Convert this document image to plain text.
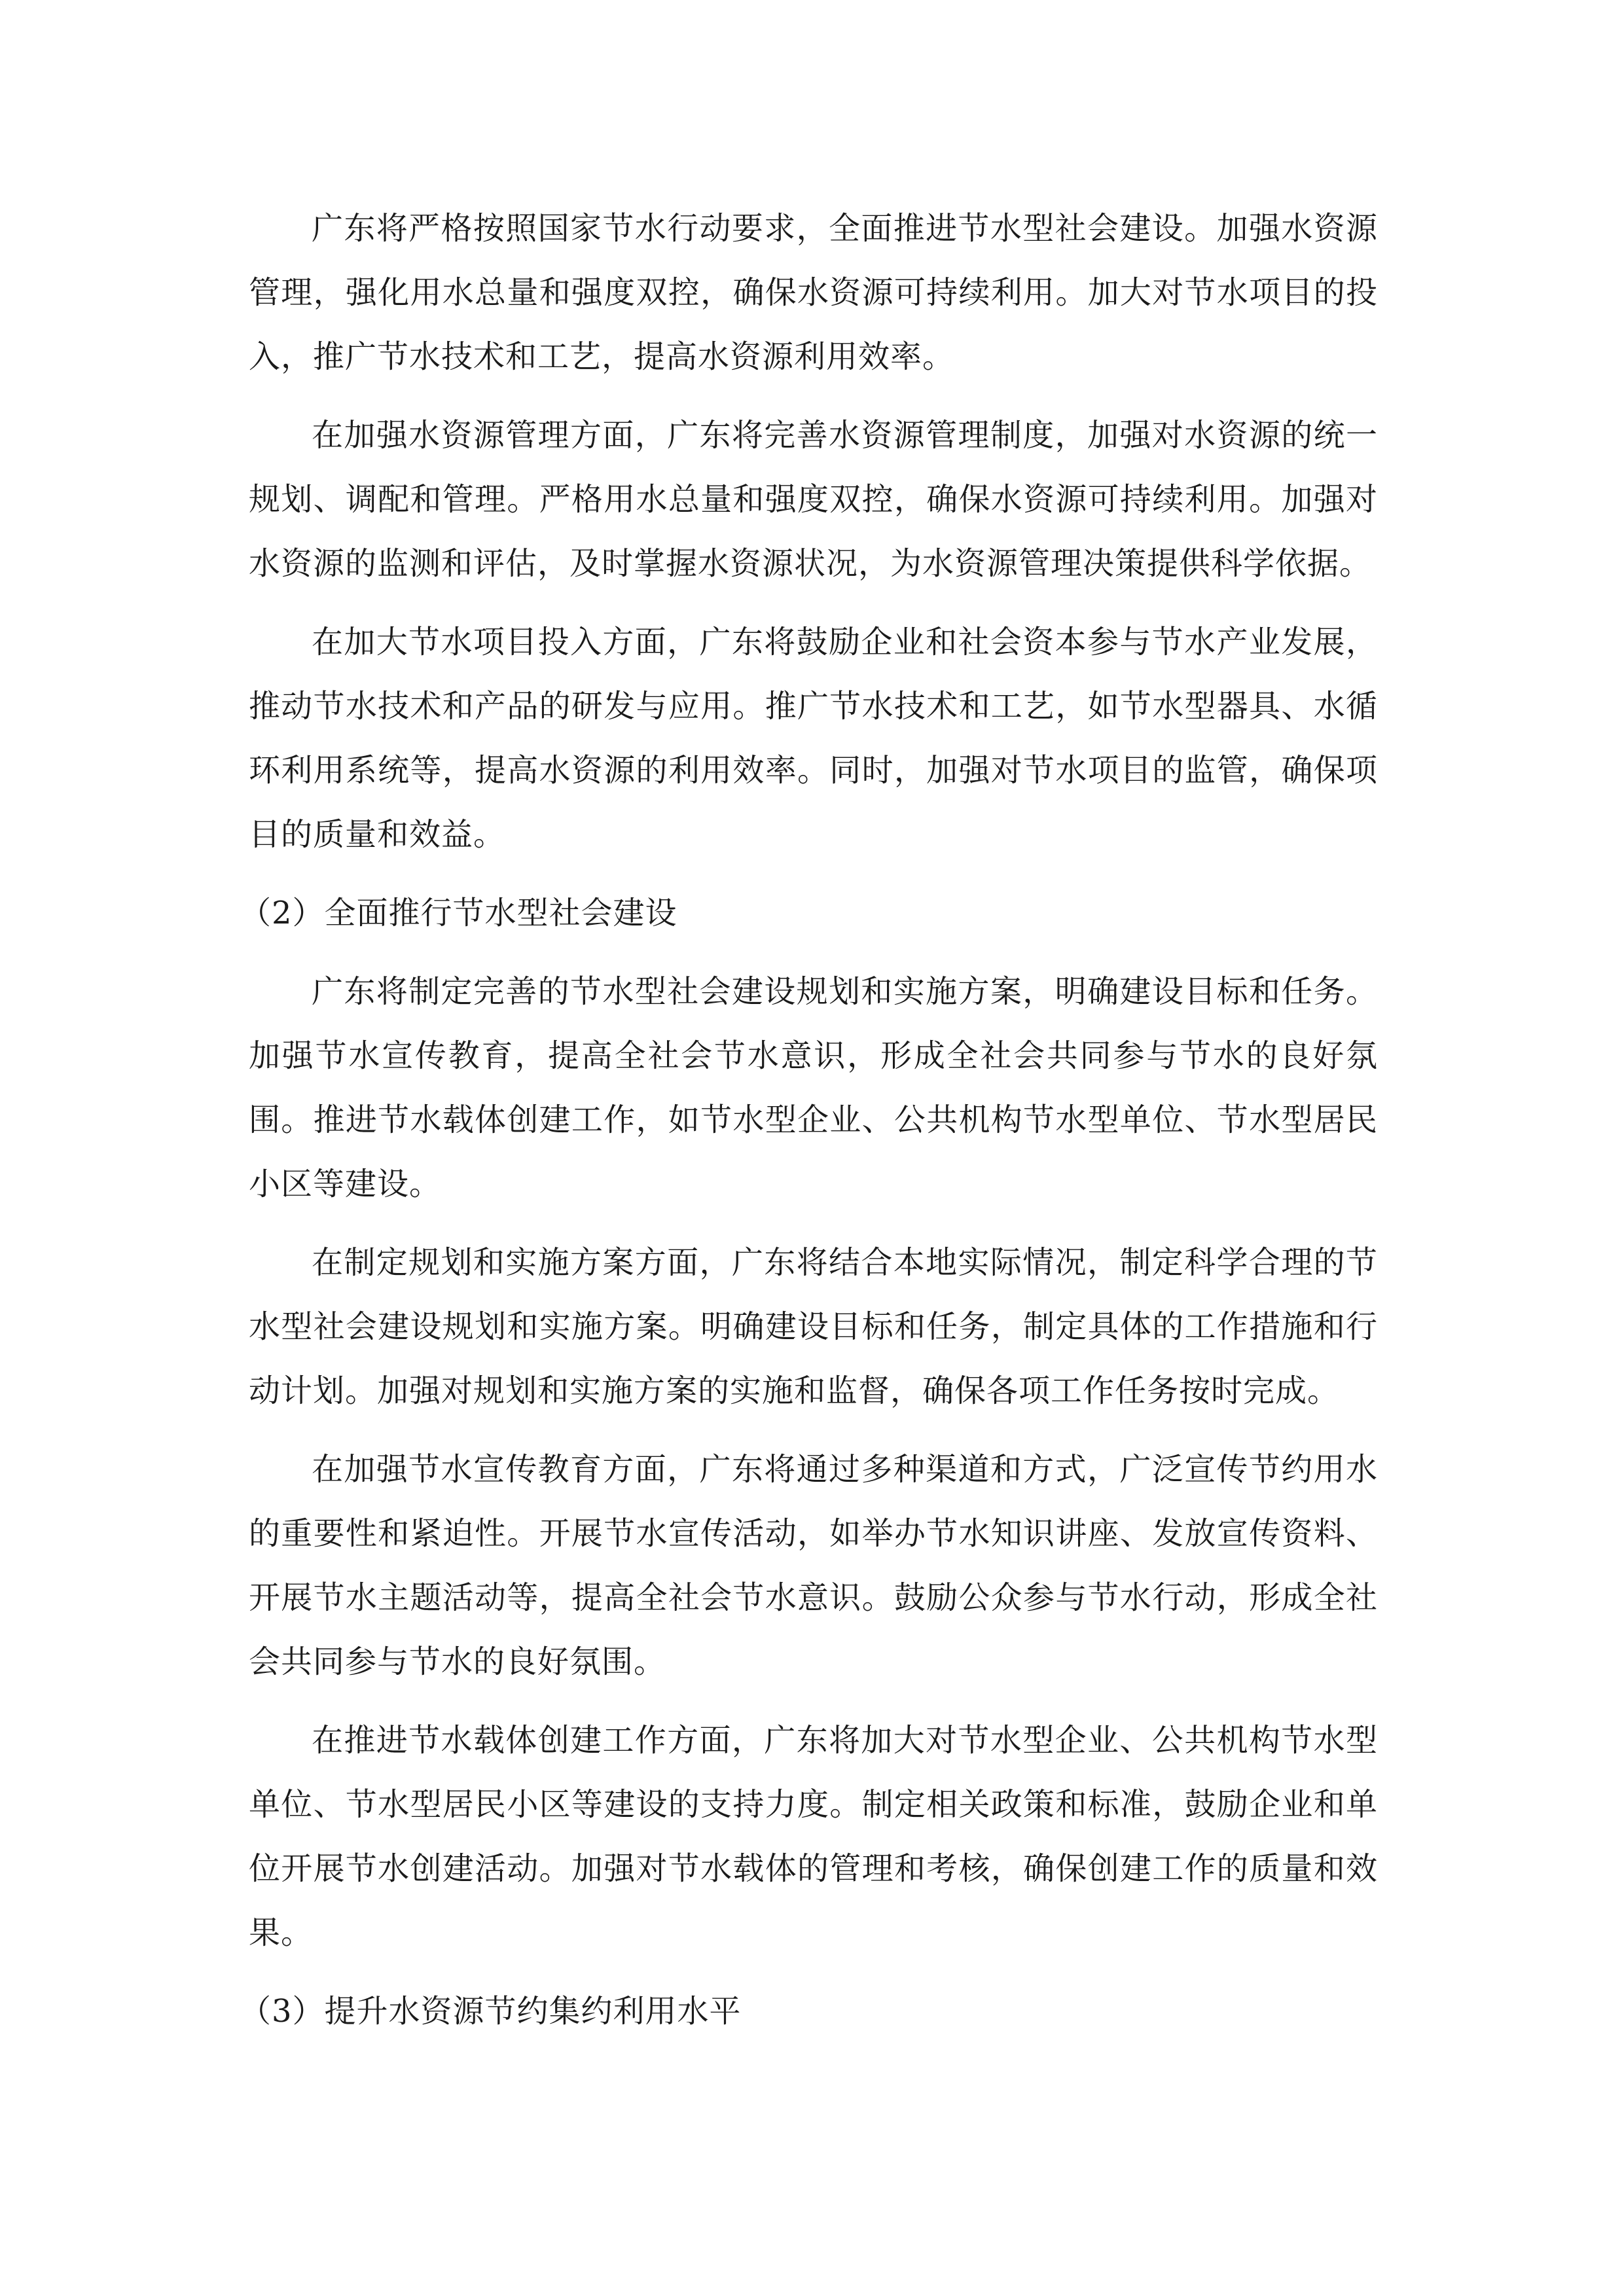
广东将严格按照国家节水行动要求，全面推进节水型社会建设。加强水资源管理，强化用水总量和强度双控，确保水资源可持续利用。加大对节水项目的投入，推广节水技术和工艺，提高水资源利用效率。

在加强水资源管理方面，广东将完善水资源管理制度，加强对水资源的统一规划、调配和管理。严格用水总量和强度双控，确保水资源可持续利用。加强对水资源的监测和评估，及时掌握水资源状况，为水资源管理决策提供科学依据。

在加大节水项目投入方面，广东将鼓励企业和社会资本参与节水产业发展，推动节水技术和产品的研发与应用。推广节水技术和工艺，如节水型器具、水循环利用系统等，提高水资源的利用效率。同时，加强对节水项目的监管，确保项目的质量和效益。

（2）全面推行节水型社会建设

广东将制定完善的节水型社会建设规划和实施方案，明确建设目标和任务。加强节水宣传教育，提高全社会节水意识，形成全社会共同参与节水的良好氛围。推进节水载体创建工作，如节水型企业、公共机构节水型单位、节水型居民小区等建设。

在制定规划和实施方案方面，广东将结合本地实际情况，制定科学合理的节水型社会建设规划和实施方案。明确建设目标和任务，制定具体的工作措施和行动计划。加强对规划和实施方案的实施和监督，确保各项工作任务按时完成。

在加强节水宣传教育方面，广东将通过多种渠道和方式，广泛宣传节约用水的重要性和紧迫性。开展节水宣传活动，如举办节水知识讲座、发放宣传资料、开展节水主题活动等，提高全社会节水意识。鼓励公众参与节水行动，形成全社会共同参与节水的良好氛围。

在推进节水载体创建工作方面，广东将加大对节水型企业、公共机构节水型单位、节水型居民小区等建设的支持力度。制定相关政策和标准，鼓励企业和单位开展节水创建活动。加强对节水载体的管理和考核，确保创建工作的质量和效果。

（3）提升水资源节约集约利用水平
